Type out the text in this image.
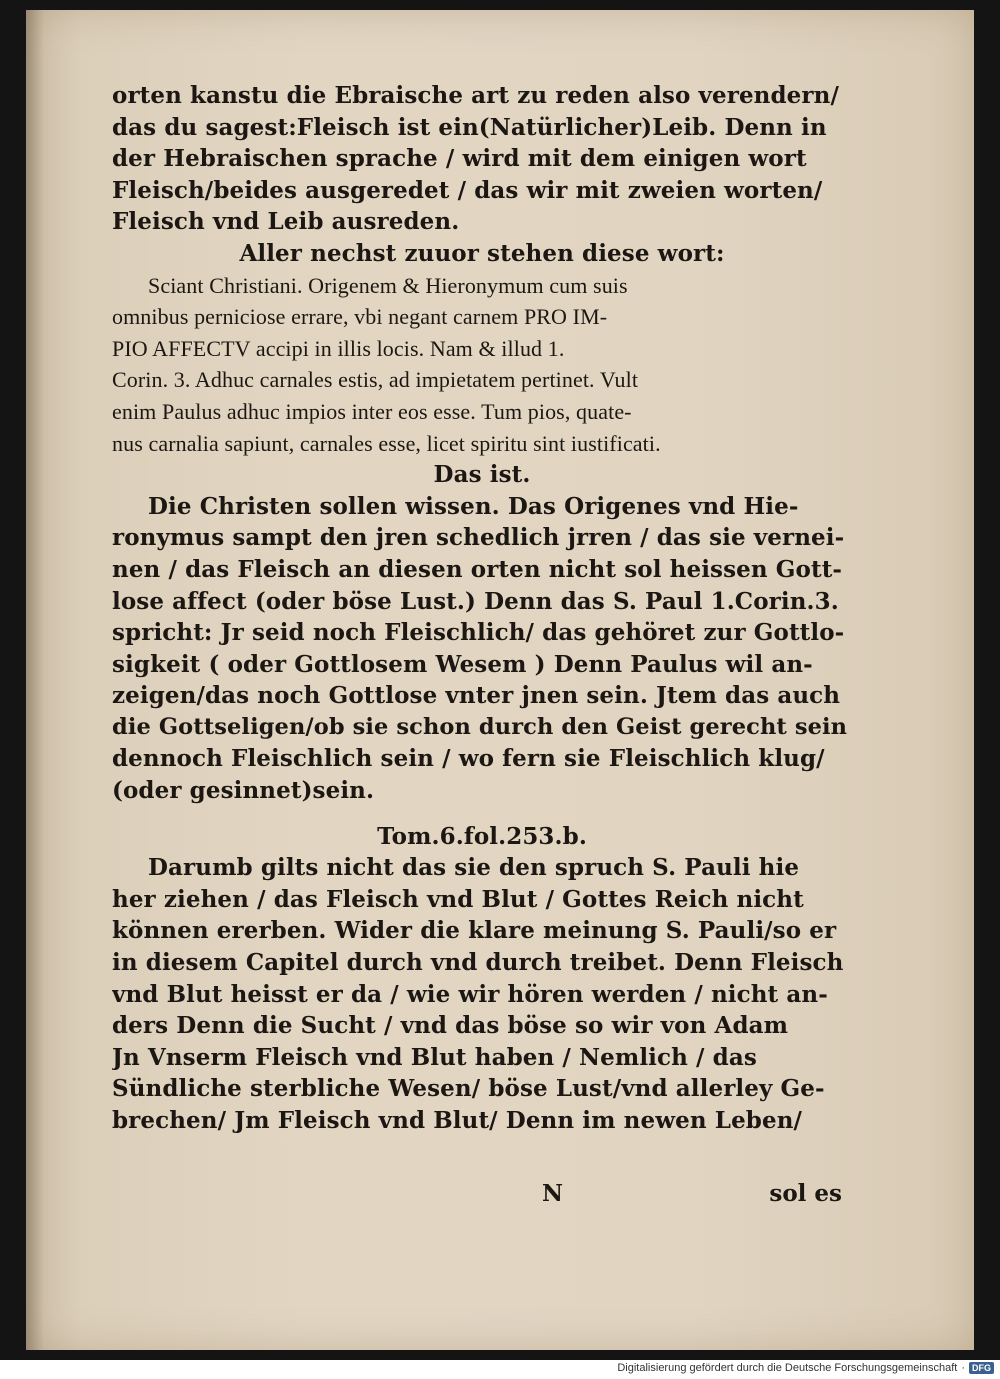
orten kanstu die Ebraische art zu reden also verendern/
das du sagest:Fleisch ist ein(Natürlicher)Leib. Denn in
der Hebraischen sprache / wird mit dem einigen wort
Fleisch/beides ausgeredet / das wir mit zweien worten/
Fleisch vnd Leib ausreden.
Aller nechst zuuor stehen diese wort:
Sciant Christiani. Origenem & Hieronymum cum suis
omnibus perniciose errare, vbi negant carnem PRO IM-
PIO AFFECTV accipi in illis locis. Nam & illud 1.
Corin. 3. Adhuc carnales estis, ad impietatem pertinet. Vult
enim Paulus adhuc impios inter eos esse. Tum pios, quate-
nus carnalia sapiunt, carnales esse, licet spiritu sint iustificati.
Das ist.
Die Christen sollen wissen. Das Origenes vnd Hie-
ronymus sampt den jren schedlich jrren / das sie vernei-
nen / das Fleisch an diesen orten nicht sol heissen Gott-
lose affect (oder böse Lust.) Denn das S. Paul 1.Corin.3.
spricht: Jr seid noch Fleischlich/ das gehöret zur Gottlo-
sigkeit ( oder Gottlosem Wesem ) Denn Paulus wil an-
zeigen/das noch Gottlose vnter jnen sein. Jtem das auch
die Gottseligen/ob sie schon durch den Geist gerecht sein
dennoch Fleischlich sein / wo fern sie Fleischlich klug/
(oder gesinnet)sein.
Tom.6.fol.253.b.
Darumb gilts nicht das sie den spruch S. Pauli hie
her ziehen / das Fleisch vnd Blut / Gottes Reich nicht
können ererben. Wider die klare meinung S. Pauli/so er
in diesem Capitel durch vnd durch treibet. Denn Fleisch
vnd Blut heisst er da / wie wir hören werden / nicht an-
ders Denn die Sucht / vnd das böse so wir von Adam
Jn Vnserm Fleisch vnd Blut haben / Nemlich / das
Sündliche sterbliche Wesen/ böse Lust/vnd allerley Ge-
brechen/ Jm Fleisch vnd Blut/ Denn im newen Leben/
N	sol es
Digitalisierung gefördert durch die Deutsche Forschungsgemeinschaft · DFG
